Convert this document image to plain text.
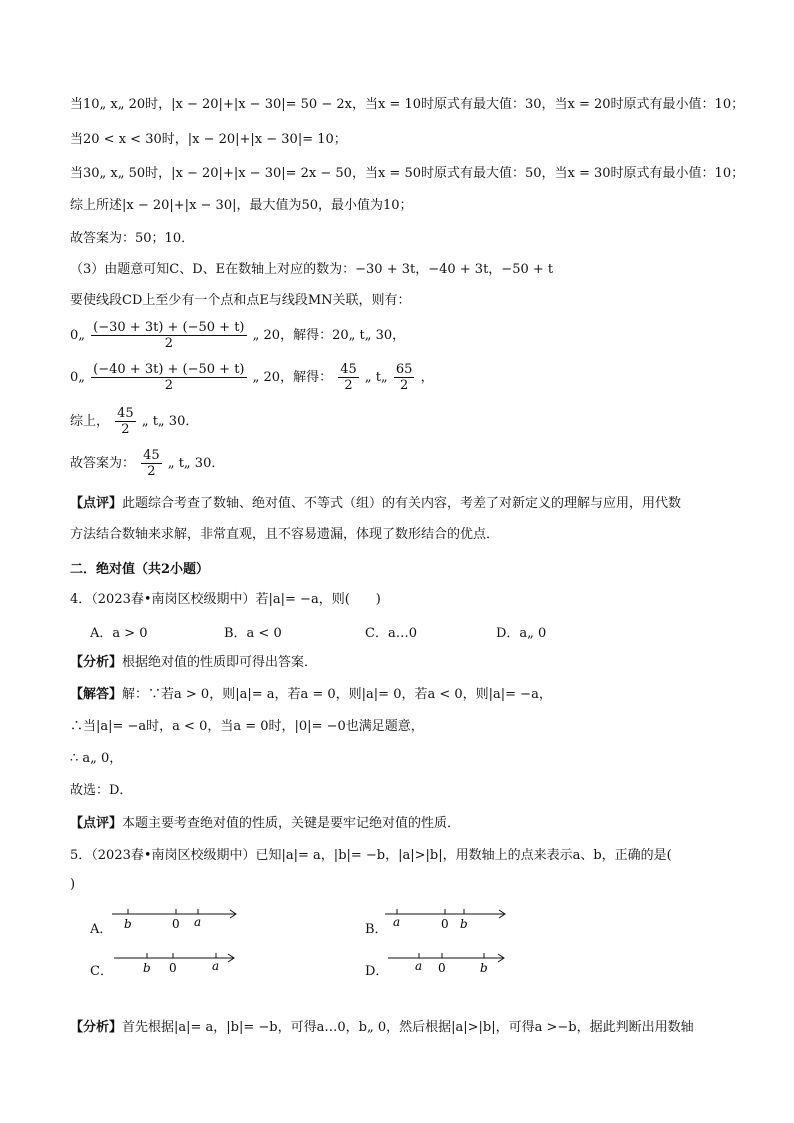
当10„ x„ 20时，|x − 20|+|x − 30|= 50 − 2x，当x = 10时原式有最大值：30，当x = 20时原式有最小值：10；
当20 < x < 30时，|x − 20|+|x − 30|= 10；
当30„ x„ 50时，|x − 20|+|x − 30|= 2x − 50，当x = 50时原式有最大值：50，当x = 30时原式有最小值：10；
综上所述|x − 20|+|x − 30|，最大值为50，最小值为10；
故答案为：50；10．
（3）由题意可知C、D、E在数轴上对应的数为：−30 + 3t，−40 + 3t，−50 + t
要使线段CD上至少有一个点和点E与线段MN关联，则有：
0„ $\frac{(-30 + 3t) + (-50 + t)}{2}$ „ 20，解得：20„ t„ 30，
0„ $\frac{(-40 + 3t) + (-50 + t)}{2}$ „ 20，解得： $\frac{45}{2}$ „ t„ $\frac{65}{2}$ ，
综上， $\frac{45}{2}$ „ t„ 30．
故答案为： $\frac{45}{2}$ „ t„ 30．
【点评】此题综合考查了数轴、绝对值、不等式（组）的有关内容，考差了对新定义的理解与应用，用代数
方法结合数轴来求解，非常直观，且不容易遗漏，体现了数形结合的优点．
二．绝对值（共2小题）
4．（2023春•南岗区校级期中）若|a|= −a，则(　　)
A．a > 0	B．a < 0	C．a…0	D．a„ 0
【分析】根据绝对值的性质即可得出答案．
【解答】解：∵若a > 0，则|a|= a，若a = 0，则|a|= 0，若a < 0，则|a|= −a，
∴当|a|= −a时，a < 0，当a = 0时，|0|= −0也满足题意，
∴ a„ 0，
故选：D．
【点评】本题主要考查绝对值的性质，关键是要牢记绝对值的性质．
5．（2023春•南岗区校级期中）已知|a|= a，|b|= −b，|a|>|b|，用数轴上的点来表示a、b，正确的是(
)
A． b	0 a	B． a	0 b
C．	b 0	a	D． a 0	b
【分析】首先根据|a|= a，|b|= −b，可得a…0，b„ 0，然后根据|a|>|b|，可得a >−b，据此判断出用数轴
